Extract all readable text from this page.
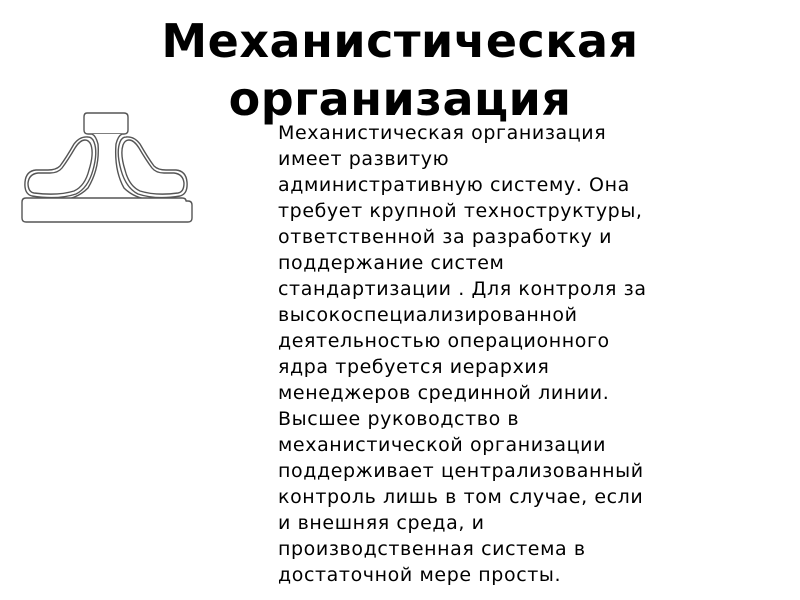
Механистическая
организация

Механистическая организация
имеет развитую
административную систему. Она
требует крупной техноструктуры,
ответственной за разработку и
поддержание систем
стандартизации . Для контроля за
высокоспециализированной
деятельностью операционного
ядра требуется иерархия
менеджеров срединной линии.
Высшее руководство в
механистической организации
поддерживает централизованный
контроль лишь в том случае, если
и внешняя среда, и
производственная система в
достаточной мере просты.
